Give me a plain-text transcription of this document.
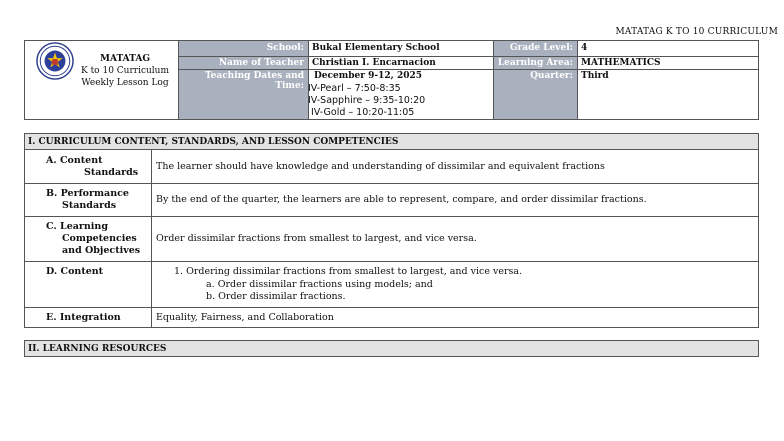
MATATAG K TO 10 CURRICULUM
MATATAG
K to 10 Curriculum
Weekly Lesson Log
School: Bukal Elementary School
Name of Teacher Christian I. Encarnacion
Teaching Dates and Time:
December 9-12, 2025
IV-Pearl – 7:50-8:35
IV-Sapphire – 9:35-10:20
IV-Gold – 10:20-11:05
Grade Level: 4
Learning Area: MATHEMATICS
Quarter: Third
I. CURRICULUM CONTENT, STANDARDS, AND LESSON COMPETENCIES
A. Content
Standards
The learner should have knowledge and understanding of dissimilar and equivalent fractions
B. Performance
Standards
By the end of the quarter, the learners are able to represent, compare, and order dissimilar fractions.
C. Learning
Competencies
and Objectives
Order dissimilar fractions from smallest to largest, and vice versa.
D. Content	1. Ordering dissimilar fractions from smallest to largest, and vice versa.
a. Order dissimilar fractions using models; and
b. Order dissimilar fractions.
E. Integration	Equality, Fairness, and Collaboration
II. LEARNING RESOURCES
